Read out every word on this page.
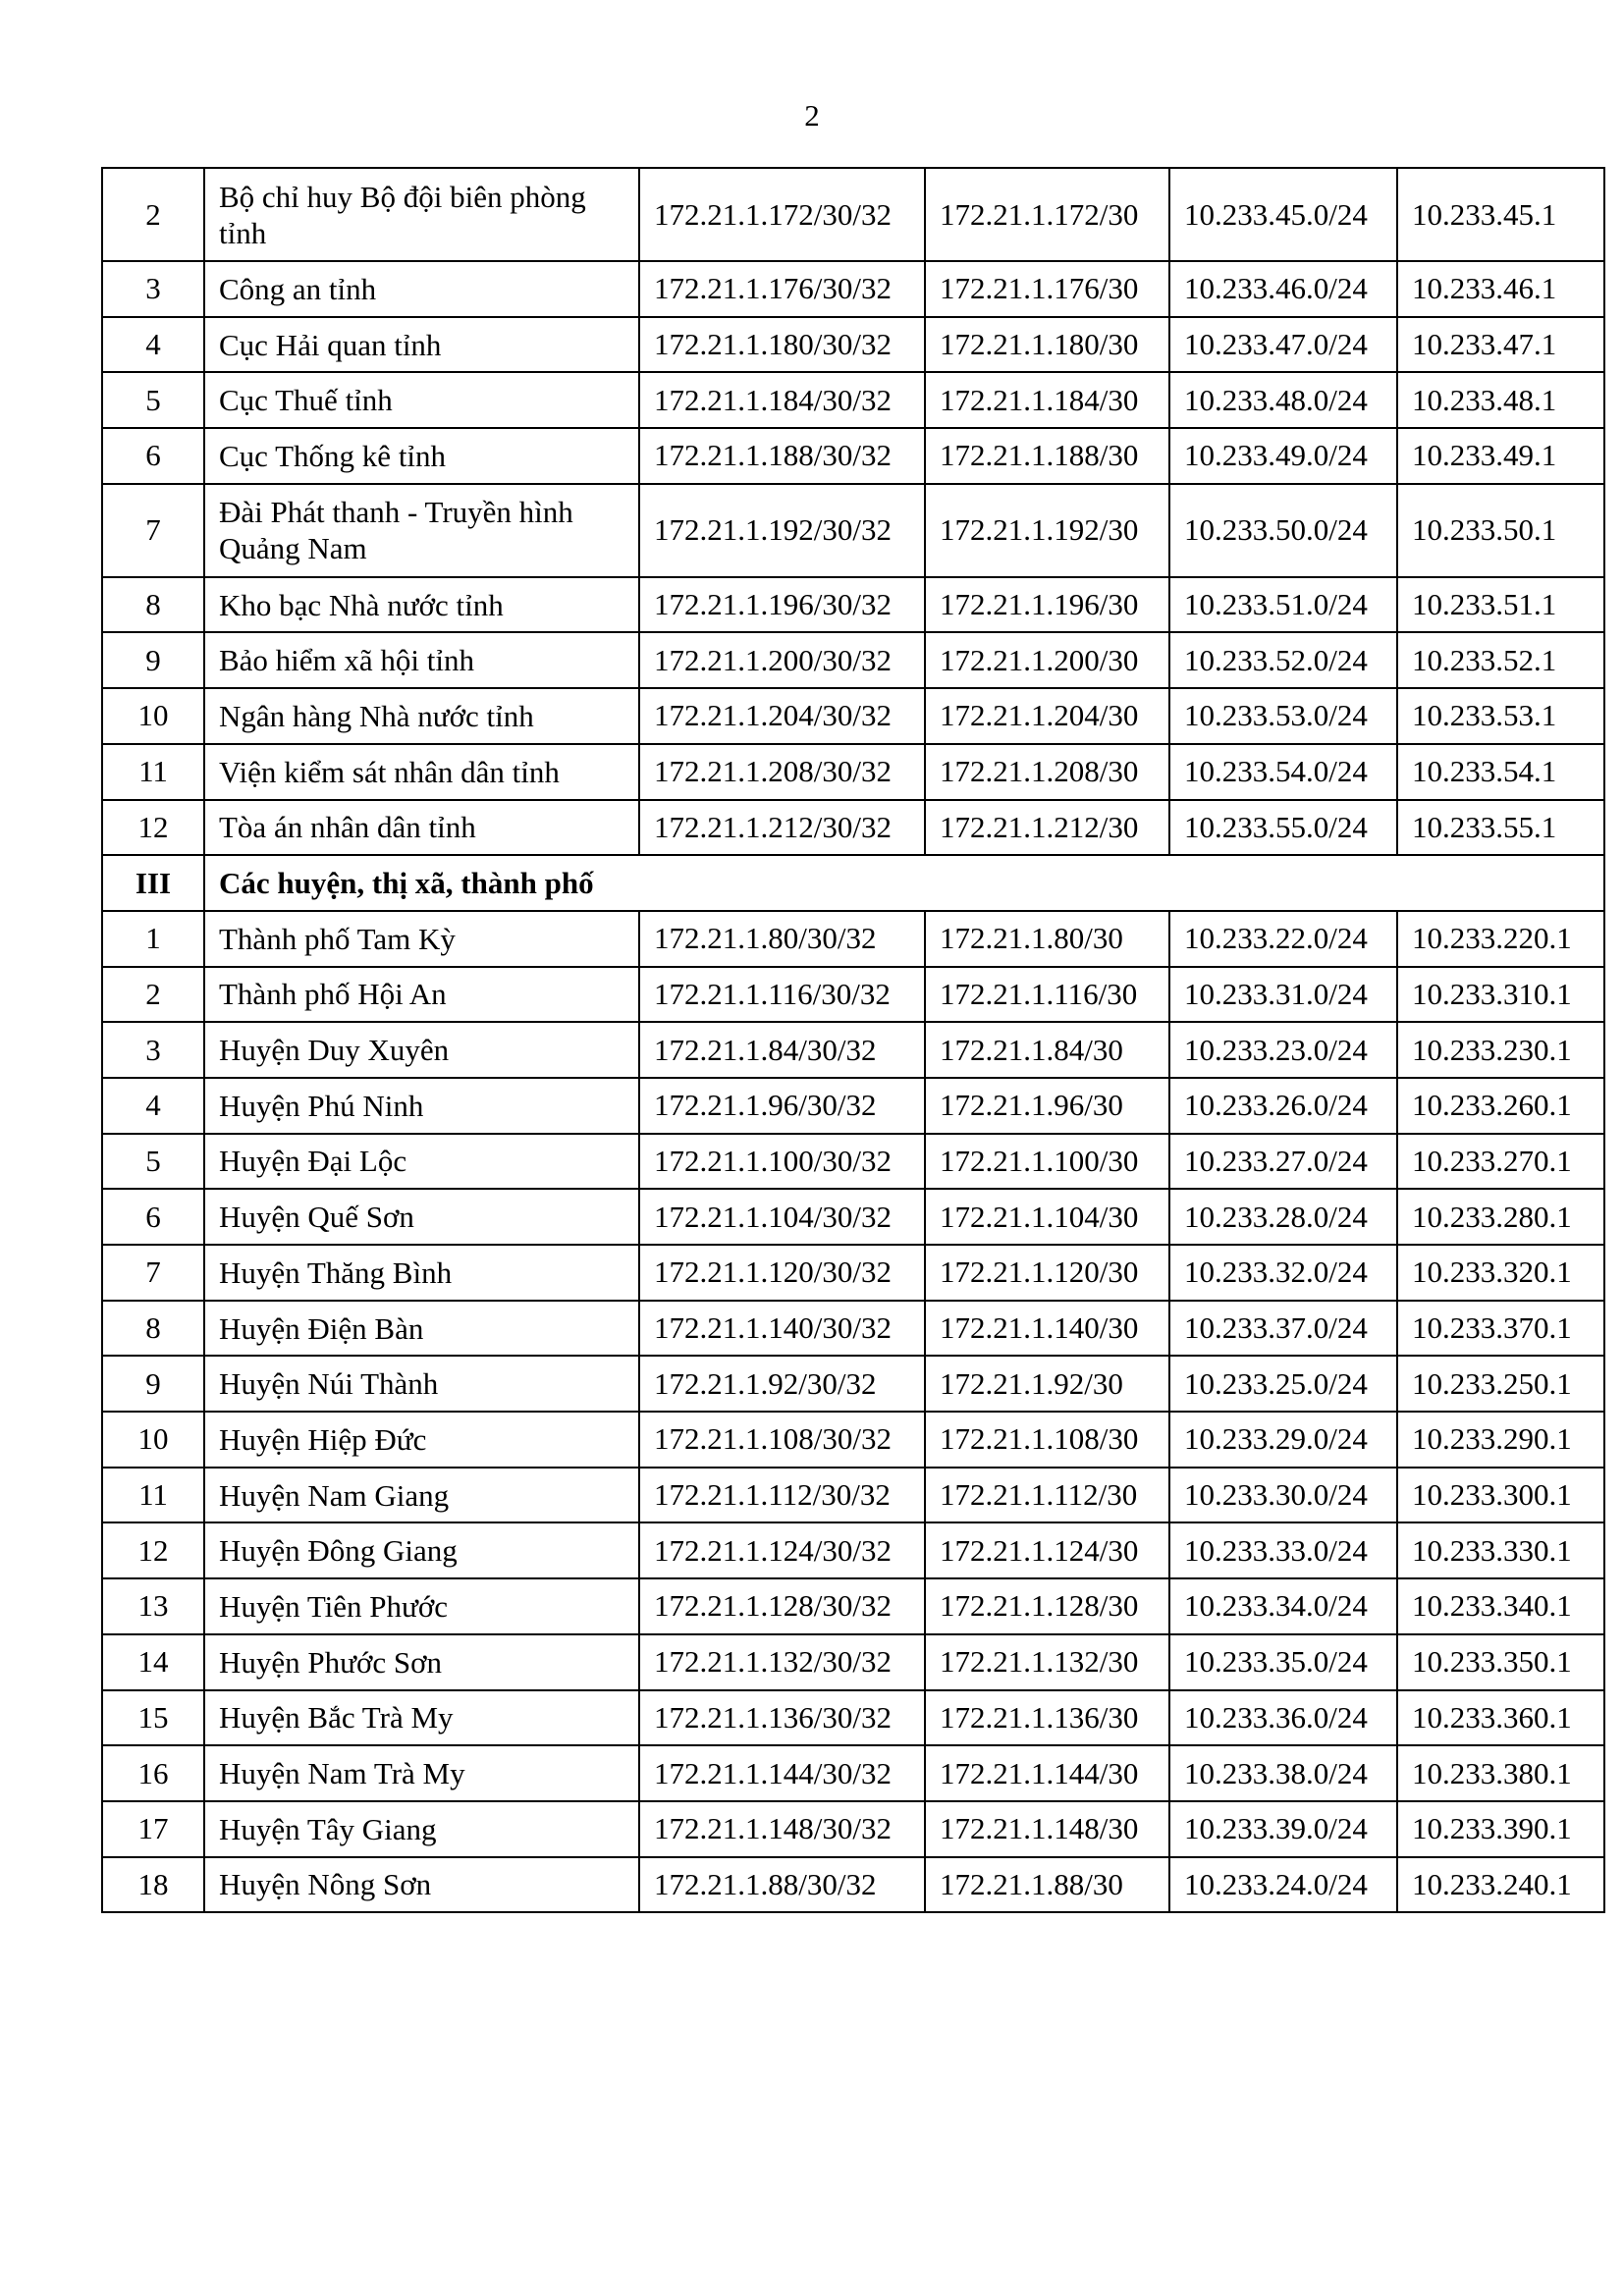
2
2	Bộ chỉ huy Bộ đội biên phòng tỉnh	172.21.1.172/30/32	172.21.1.172/30	10.233.45.0/24	10.233.45.1
3	Công an tỉnh	172.21.1.176/30/32	172.21.1.176/30	10.233.46.0/24	10.233.46.1
4	Cục Hải quan tỉnh	172.21.1.180/30/32	172.21.1.180/30	10.233.47.0/24	10.233.47.1
5	Cục Thuế tỉnh	172.21.1.184/30/32	172.21.1.184/30	10.233.48.0/24	10.233.48.1
6	Cục Thống kê tỉnh	172.21.1.188/30/32	172.21.1.188/30	10.233.49.0/24	10.233.49.1
7	Đài Phát thanh - Truyền hình Quảng Nam	172.21.1.192/30/32	172.21.1.192/30	10.233.50.0/24	10.233.50.1
8	Kho bạc Nhà nước tỉnh	172.21.1.196/30/32	172.21.1.196/30	10.233.51.0/24	10.233.51.1
9	Bảo hiểm xã hội tỉnh	172.21.1.200/30/32	172.21.1.200/30	10.233.52.0/24	10.233.52.1
10	Ngân hàng Nhà nước tỉnh	172.21.1.204/30/32	172.21.1.204/30	10.233.53.0/24	10.233.53.1
11	Viện kiểm sát nhân dân tỉnh	172.21.1.208/30/32	172.21.1.208/30	10.233.54.0/24	10.233.54.1
12	Tòa án nhân dân tỉnh	172.21.1.212/30/32	172.21.1.212/30	10.233.55.0/24	10.233.55.1
III	Các huyện, thị xã, thành phố				
1	Thành phố Tam Kỳ	172.21.1.80/30/32	172.21.1.80/30	10.233.22.0/24	10.233.220.1
2	Thành phố Hội An	172.21.1.116/30/32	172.21.1.116/30	10.233.31.0/24	10.233.310.1
3	Huyện Duy Xuyên	172.21.1.84/30/32	172.21.1.84/30	10.233.23.0/24	10.233.230.1
4	Huyện Phú Ninh	172.21.1.96/30/32	172.21.1.96/30	10.233.26.0/24	10.233.260.1
5	Huyện Đại Lộc	172.21.1.100/30/32	172.21.1.100/30	10.233.27.0/24	10.233.270.1
6	Huyện Quế Sơn	172.21.1.104/30/32	172.21.1.104/30	10.233.28.0/24	10.233.280.1
7	Huyện Thăng Bình	172.21.1.120/30/32	172.21.1.120/30	10.233.32.0/24	10.233.320.1
8	Huyện Điện Bàn	172.21.1.140/30/32	172.21.1.140/30	10.233.37.0/24	10.233.370.1
9	Huyện Núi Thành	172.21.1.92/30/32	172.21.1.92/30	10.233.25.0/24	10.233.250.1
10	Huyện Hiệp Đức	172.21.1.108/30/32	172.21.1.108/30	10.233.29.0/24	10.233.290.1
11	Huyện Nam Giang	172.21.1.112/30/32	172.21.1.112/30	10.233.30.0/24	10.233.300.1
12	Huyện Đông Giang	172.21.1.124/30/32	172.21.1.124/30	10.233.33.0/24	10.233.330.1
13	Huyện Tiên Phước	172.21.1.128/30/32	172.21.1.128/30	10.233.34.0/24	10.233.340.1
14	Huyện Phước Sơn	172.21.1.132/30/32	172.21.1.132/30	10.233.35.0/24	10.233.350.1
15	Huyện Bắc Trà My	172.21.1.136/30/32	172.21.1.136/30	10.233.36.0/24	10.233.360.1
16	Huyện Nam Trà My	172.21.1.144/30/32	172.21.1.144/30	10.233.38.0/24	10.233.380.1
17	Huyện Tây Giang	172.21.1.148/30/32	172.21.1.148/30	10.233.39.0/24	10.233.390.1
18	Huyện Nông Sơn	172.21.1.88/30/32	172.21.1.88/30	10.233.24.0/24	10.233.240.1
